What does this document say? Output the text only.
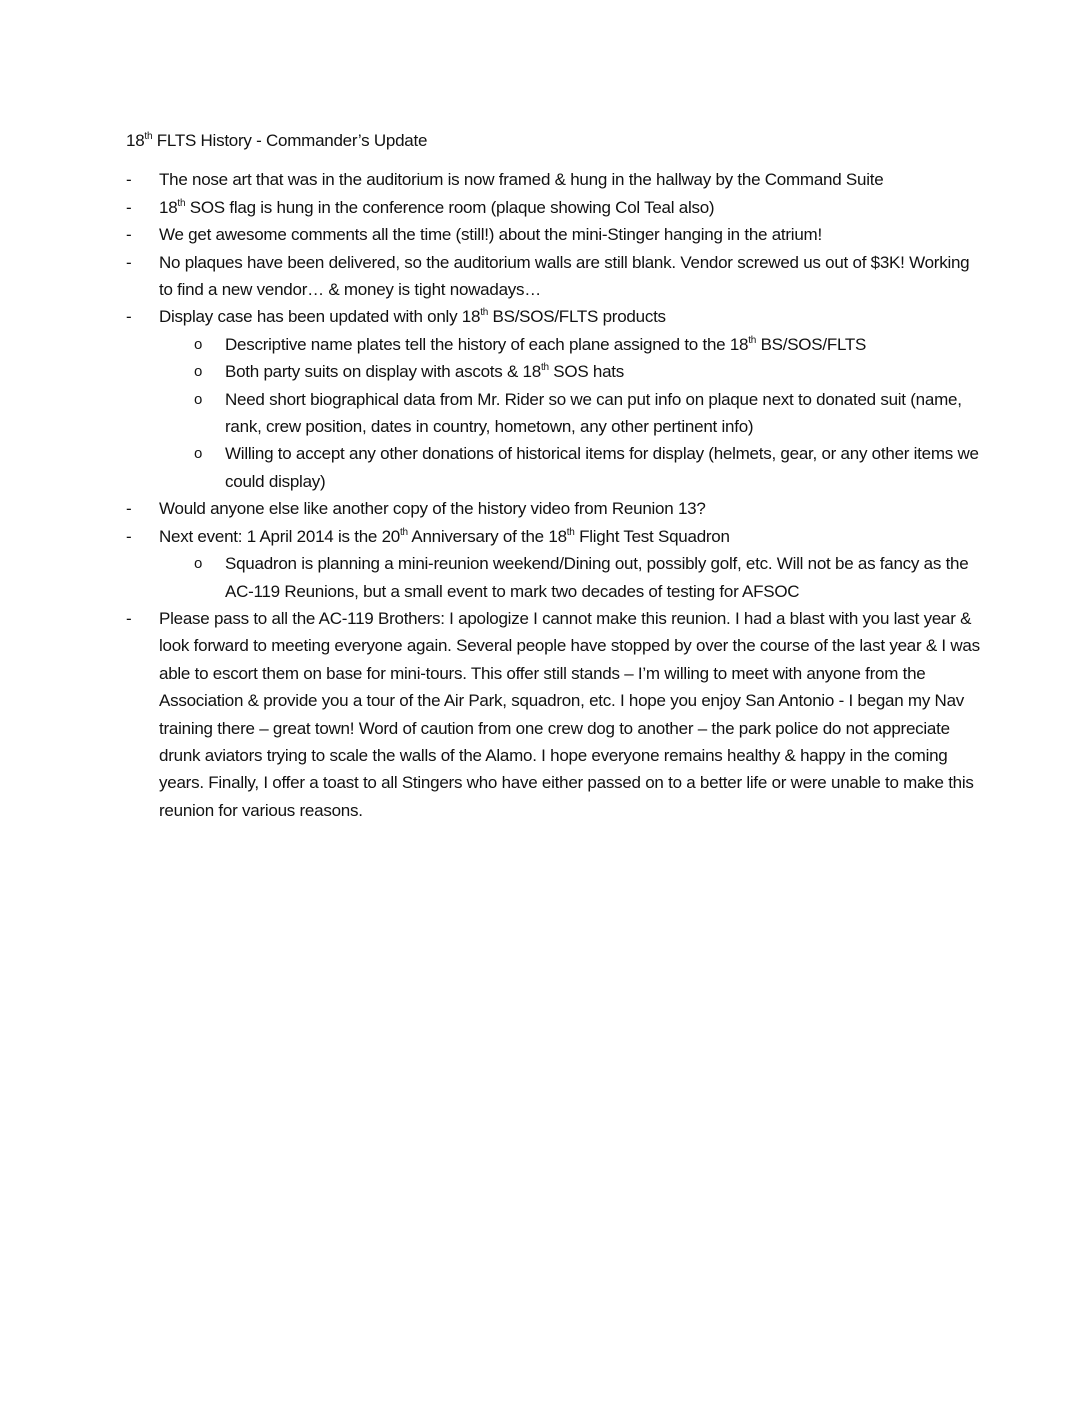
18th FLTS History - Commander’s Update

-	The nose art that was in the auditorium is now framed & hung in the hallway by the Command Suite
-	18th SOS flag is hung in the conference room (plaque showing Col Teal also)
-	We get awesome comments all the time (still!) about the mini-Stinger hanging in the atrium!
-	No plaques have been delivered, so the auditorium walls are still blank. Vendor screwed us out of $3K! Working to find a new vendor… & money is tight nowadays…
-	Display case has been updated with only 18th BS/SOS/FLTS products
o Descriptive name plates tell the history of each plane assigned to the 18th BS/SOS/FLTS
o Both party suits on display with ascots & 18th SOS hats
o Need short biographical data from Mr. Rider so we can put info on plaque next to donated suit (name, rank, crew position, dates in country, hometown, any other pertinent info)
o Willing to accept any other donations of historical items for display (helmets, gear, or any other items we could display)
-	Would anyone else like another copy of the history video from Reunion 13?
-	Next event: 1 April 2014 is the 20th Anniversary of the 18th Flight Test Squadron
o Squadron is planning a mini-reunion weekend/Dining out, possibly golf, etc. Will not be as fancy as the AC-119 Reunions, but a small event to mark two decades of testing for AFSOC
-	Please pass to all the AC-119 Brothers: I apologize I cannot make this reunion. I had a blast with you last year & look forward to meeting everyone again. Several people have stopped by over the course of the last year & I was able to escort them on base for mini-tours. This offer still stands – I’m willing to meet with anyone from the Association & provide you a tour of the Air Park, squadron, etc. I hope you enjoy San Antonio - I began my Nav training there – great town! Word of caution from one crew dog to another – the park police do not appreciate drunk aviators trying to scale the walls of the Alamo. I hope everyone remains healthy & happy in the coming years. Finally, I offer a toast to all Stingers who have either passed on to a better life or were unable to make this reunion for various reasons.
